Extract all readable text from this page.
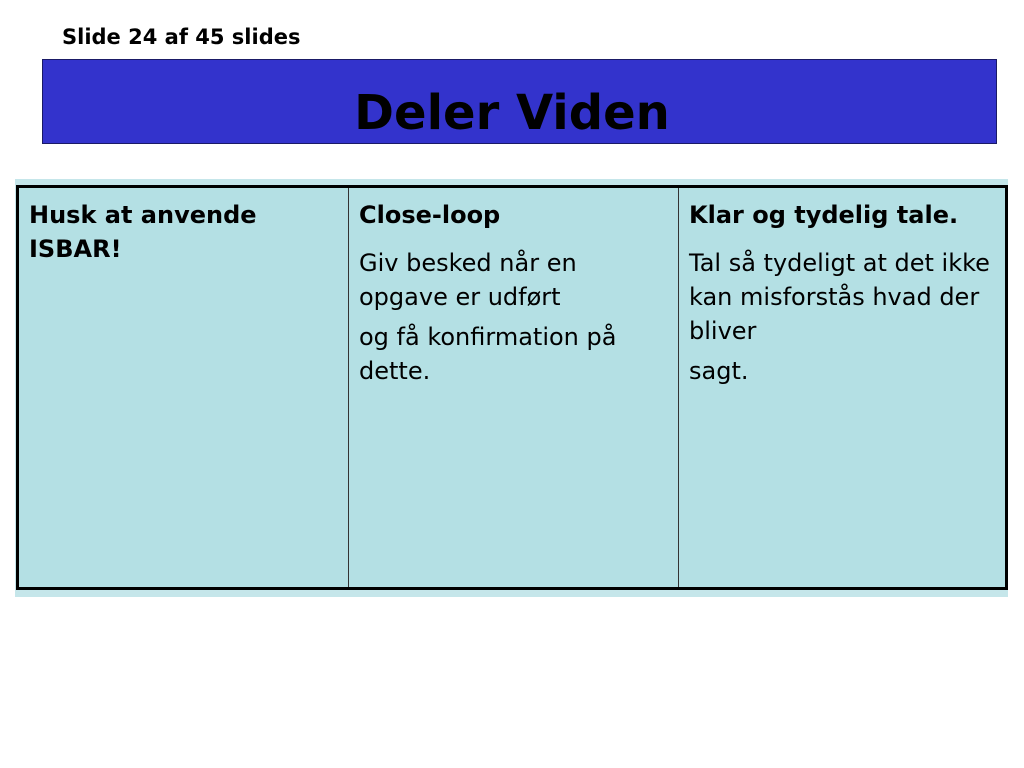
Slide 24 af 45 slides
Deler Viden

Husk at anvende ISBAR!

Close-loop

Giv besked når en opgave er udført

og få konfirmation på dette.

Klar og tydelig tale.

Tal så tydeligt at det ikke kan misforstås hvad der bliver

sagt.
